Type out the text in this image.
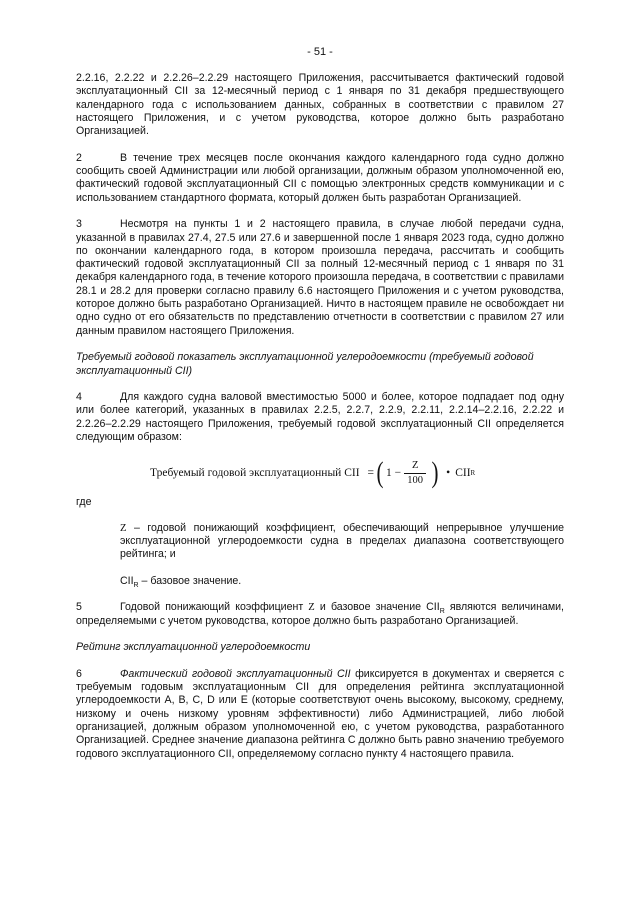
- 51 -

2.2.16, 2.2.22 и 2.2.26–2.2.29 настоящего Приложения, рассчитывается фактический годовой эксплуатационный CII за 12-месячный период с 1 января по 31 декабря предшествующего календарного года с использованием данных, собранных в соответствии с правилом 27 настоящего Приложения, и с учетом руководства, которое должно быть разработано Организацией.

2	В течение трех месяцев после окончания каждого календарного года судно должно сообщить своей Администрации или любой организации, должным образом уполномоченной ею, фактический годовой эксплуатационный CII с помощью электронных средств коммуникации и с использованием стандартного формата, который должен быть разработан Организацией.

3	Несмотря на пункты 1 и 2 настоящего правила, в случае любой передачи судна, указанной в правилах 27.4, 27.5 или 27.6 и завершенной после 1 января 2023 года, судно должно по окончании календарного года, в котором произошла передача, рассчитать и сообщить фактический годовой эксплуатационный CII за полный 12-месячный период с 1 января по 31 декабря календарного года, в течение которого произошла передача, в соответствии с правилами 28.1 и 28.2 для проверки согласно правилу 6.6 настоящего Приложения и с учетом руководства, которое должно быть разработано Организацией. Ничто в настоящем правиле не освобождает ни одно судно от его обязательств по представлению отчетности в соответствии с правилом 27 или данным правилом настоящего Приложения.

Требуемый годовой показатель эксплуатационной углеродоемкости (требуемый годовой эксплуатационный CII)

4	Для каждого судна валовой вместимостью 5000 и более, которое подпадает под одну или более категорий, указанных в правилах 2.2.5, 2.2.7, 2.2.9, 2.2.11, 2.2.14–2.2.16, 2.2.22 и 2.2.26–2.2.29 настоящего Приложения, требуемый годовой эксплуатационный CII определяется следующим образом:

Требуемый годовой эксплуатационный CII = ( $1 - \frac{Z}{100}$ ) • CII R

где

Z – годовой понижающий коэффициент, обеспечивающий непрерывное улучшение эксплуатационной углеродоемкости судна в пределах диапазона соответствующего рейтинга; и

$CII_R$ – базовое значение.

5	Годовой понижающий коэффициент Z и базовое значение $CII_R$ являются величинами, определяемыми с учетом руководства, которое должно быть разработано Организацией.

Рейтинг эксплуатационной углеродоемкости

6	Фактический годовой эксплуатационный CII фиксируется в документах и сверяется с требуемым годовым эксплуатационным CII для определения рейтинга эксплуатационной углеродоемкости A, B, C, D или E (которые соответствуют очень высокому, высокому, среднему, низкому и очень низкому уровням эффективности) либо Администрацией, либо любой организацией, должным образом уполномоченной ею, с учетом руководства, разработанного Организацией. Среднее значение диапазона рейтинга C должно быть равно значению требуемого годового эксплуатационного CII, определяемому согласно пункту 4 настоящего правила.
